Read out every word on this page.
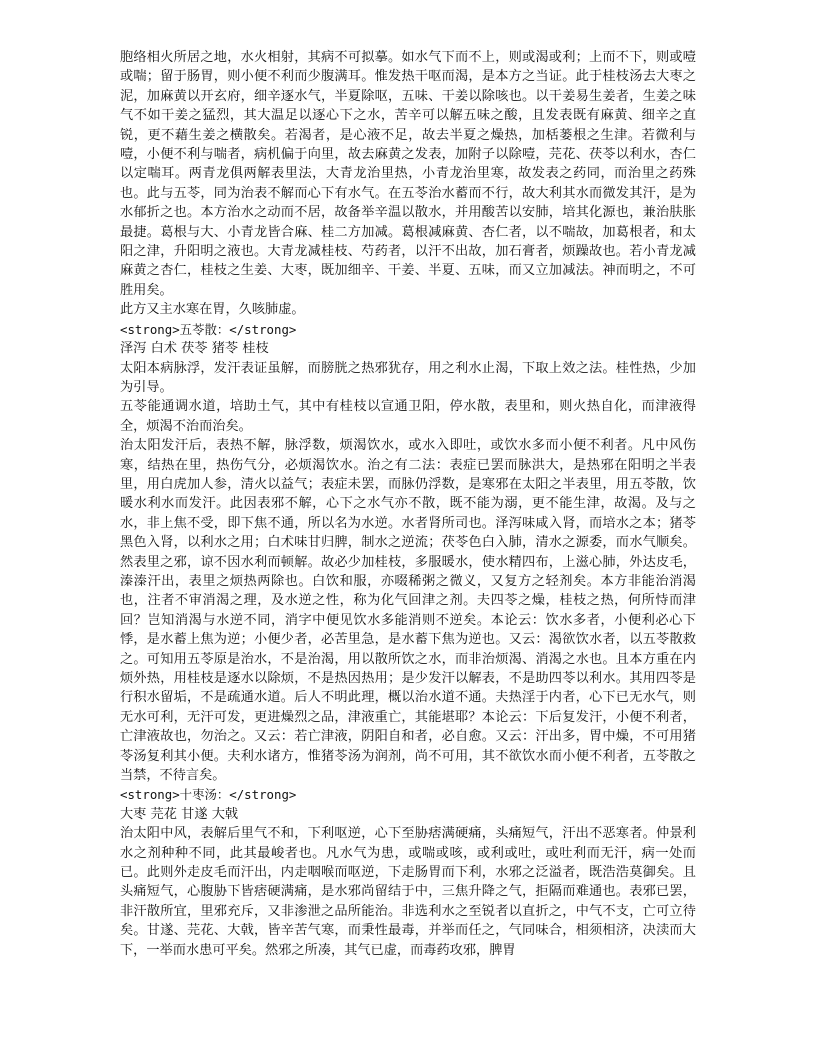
胞络相火所居之地，水火相射，其病不可拟摹。如水气下而不上，则或渴或利；上而不下，则或噎或喘；留于肠胃，则小便不利而少腹满耳。惟发热干呕而渴，是本方之当证。此于桂枝汤去大枣之泥，加麻黄以开玄府，细辛逐水气，半夏除呕，五味、干姜以除咳也。以干姜易生姜者，生姜之味气不如干姜之猛烈，其大温足以逐心下之水，苦辛可以解五味之酸，且发表既有麻黄、细辛之直锐，更不藉生姜之横散矣。若渴者，是心液不足，故去半夏之燥热，加栝蒌根之生津。若微利与噎，小便不利与喘者，病机偏于向里，故去麻黄之发表，加附子以除噎，芫花、茯苓以利水，杏仁以定喘耳。两青龙俱两解表里法，大青龙治里热，小青龙治里寒，故发表之药同，而治里之药殊也。此与五苓，同为治表不解而心下有水气。在五苓治水蓄而不行，故大利其水而微发其汗，是为水郁折之也。本方治水之动而不居，故备举辛温以散水，并用酸苦以安肺，培其化源也，兼治肤胀最捷。葛根与大、小青龙皆合麻、桂二方加减。葛根减麻黄、杏仁者，以不喘故，加葛根者，和太阳之津，升阳明之液也。大青龙减桂枝、芍药者，以汗不出故，加石膏者，烦躁故也。若小青龙减麻黄之杏仁，桂枝之生姜、大枣，既加细辛、干姜、半夏、五味，而又立加减法。神而明之，不可胜用矣。

此方又主水寒在胃，久咳肺虚。

<strong>五苓散：</strong>

泽泻 白术 茯苓 猪苓 桂枝

太阳本病脉浮，发汗表证虽解，而膀胱之热邪犹存，用之利水止渴，下取上效之法。桂性热，少加为引导。

五苓能通调水道，培助土气，其中有桂枝以宣通卫阳，停水散，表里和，则火热自化，而津液得全，烦渴不治而治矣。

治太阳发汗后，表热不解，脉浮数，烦渴饮水，或水入即吐，或饮水多而小便不利者。凡中风伤寒，结热在里，热伤气分，必烦渴饮水。治之有二法：表症已罢而脉洪大，是热邪在阳明之半表里，用白虎加人参，清火以益气；表症未罢，而脉仍浮数，是寒邪在太阳之半表里，用五苓散，饮暖水利水而发汗。此因表邪不解，心下之水气亦不散，既不能为溺，更不能生津，故渴。及与之水，非上焦不受，即下焦不通，所以名为水逆。水者肾所司也。泽泻味咸入肾，而培水之本；猪苓黑色入肾，以利水之用；白术味甘归脾，制水之逆流；茯苓色白入肺，清水之源委，而水气顺矣。然表里之邪，谅不因水利而顿解。故必少加桂枝，多服暖水，使水精四布，上滋心肺，外达皮毛，溱溱汗出，表里之烦热两除也。白饮和服，亦啜稀粥之微义，又复方之轻剂矣。本方非能治消渴也，注者不审消渴之理，及水逆之性，称为化气回津之剂。夫四苓之燥，桂枝之热，何所恃而津回？岂知消渴与水逆不同，消字中便见饮水多能消则不逆矣。本论云：饮水多者，小便利必心下悸，是水蓄上焦为逆；小便少者，必苦里急，是水蓄下焦为逆也。又云：渴欲饮水者，以五苓散救之。可知用五苓原是治水，不是治渴，用以散所饮之水，而非治烦渴、消渴之水也。且本方重在内烦外热，用桂枝是逐水以除烦，不是热因热用；是少发汗以解表，不是助四苓以利水。其用四苓是行积水留垢，不是疏通水道。后人不明此理，概以治水道不通。夫热淫于内者，心下已无水气，则无水可利，无汗可发，更进燥烈之品，津液重亡，其能堪耶？本论云：下后复发汗，小便不利者，亡津液故也，勿治之。又云：若亡津液，阴阳自和者，必自愈。又云：汗出多，胃中燥，不可用猪苓汤复利其小便。夫利水诸方，惟猪苓汤为润剂，尚不可用，其不欲饮水而小便不利者，五苓散之当禁，不待言矣。

<strong>十枣汤：</strong>

大枣 芫花 甘遂 大戟

治太阳中风，表解后里气不和，下利呕逆，心下至胁痞满硬痛，头痛短气，汗出不恶寒者。仲景利水之剂种种不同，此其最峻者也。凡水气为患，或喘或咳，或利或吐，或吐利而无汗，病一处而已。此则外走皮毛而汗出，内走咽喉而呕逆，下走肠胃而下利，水邪之泛溢者，既浩浩莫御矣。且头痛短气，心腹胁下皆痞硬满痛，是水邪尚留结于中，三焦升降之气，拒隔而难通也。表邪已罢，非汗散所宜，里邪充斥，又非渗泄之品所能治。非选利水之至锐者以直折之，中气不支，亡可立待矣。甘遂、芫花、大戟，皆辛苦气寒，而秉性最毒，并举而任之，气同味合，相须相济，决渎而大下，一举而水患可平矣。然邪之所凑，其气已虚，而毒药攻邪，脾胃
